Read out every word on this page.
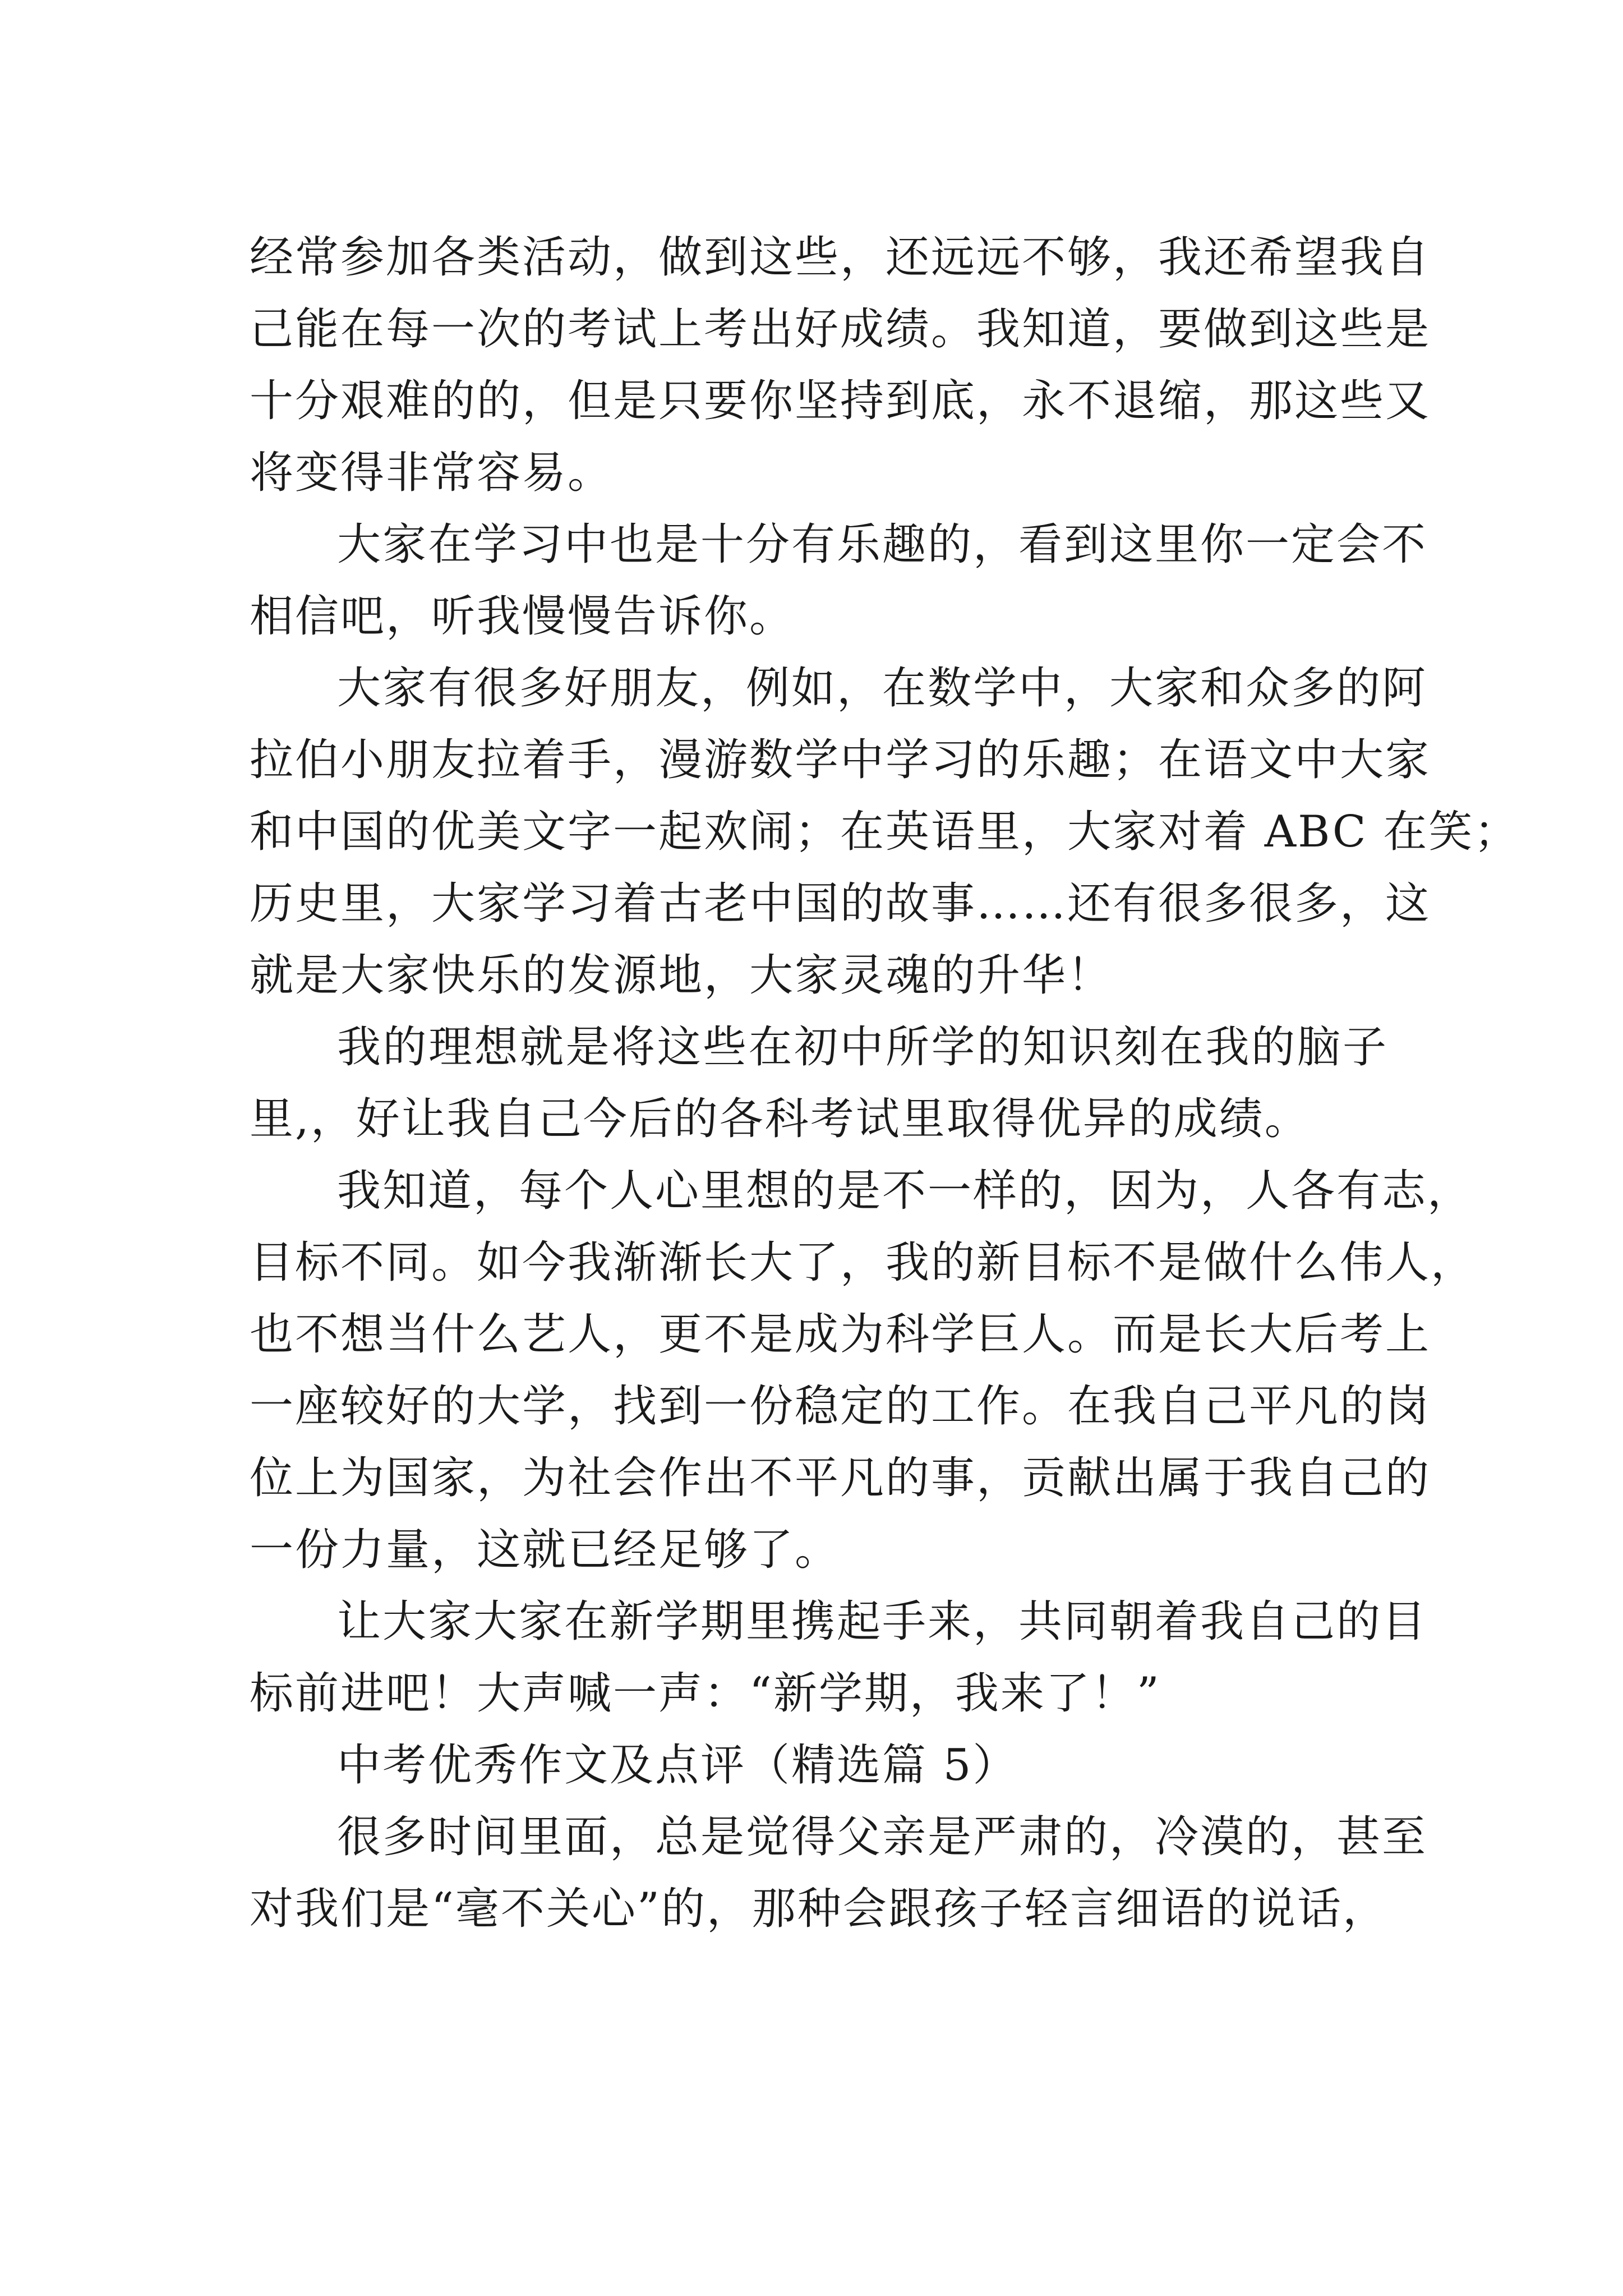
经常参加各类活动，做到这些，还远远不够，我还希望我自
己能在每一次的考试上考出好成绩。我知道，要做到这些是
十分艰难的的，但是只要你坚持到底，永不退缩，那这些又
将变得非常容易。
大家在学习中也是十分有乐趣的，看到这里你一定会不
相信吧，听我慢慢告诉你。
大家有很多好朋友，例如，在数学中，大家和众多的阿
拉伯小朋友拉着手，漫游数学中学习的乐趣；在语文中大家
和中国的优美文字一起欢闹；在英语里，大家对着 ABC 在笑；
历史里，大家学习着古老中国的故事……还有很多很多，这
就是大家快乐的发源地，大家灵魂的升华！
我的理想就是将这些在初中所学的知识刻在我的脑子
里,，好让我自己今后的各科考试里取得优异的成绩。
我知道，每个人心里想的是不一样的，因为，人各有志，
目标不同。如今我渐渐长大了，我的新目标不是做什么伟人，
也不想当什么艺人，更不是成为科学巨人。而是长大后考上
一座较好的大学，找到一份稳定的工作。在我自己平凡的岗
位上为国家，为社会作出不平凡的事，贡献出属于我自己的
一份力量，这就已经足够了。
让大家大家在新学期里携起手来，共同朝着我自己的目
标前进吧！大声喊一声：“新学期，我来了！”
中考优秀作文及点评（精选篇 5）
很多时间里面，总是觉得父亲是严肃的，冷漠的，甚至
对我们是“毫不关心”的，那种会跟孩子轻言细语的说话，
